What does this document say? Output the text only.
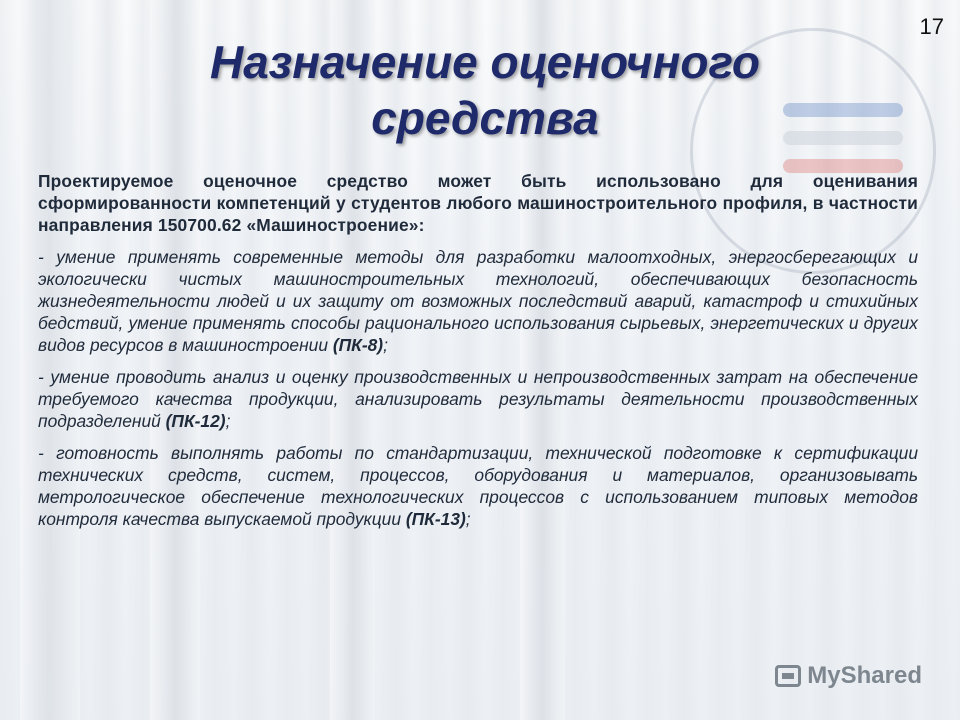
17
Назначение оценочного
средства

Проектируемое оценочное средство может быть использовано для оценивания сформированности компетенций у студентов любого машиностроительного профиля, в частности направления 150700.62 «Машиностроение»:

- умение применять современные методы для разработки малоотходных, энергосберегающих и экологически чистых машиностроительных технологий, обеспечивающих безопасность жизнедеятельности людей и их защиту от возможных последствий аварий, катастроф и стихийных бедствий, умение применять способы рационального использования сырьевых, энергетических и других видов ресурсов в машиностроении (ПК-8);

- умение проводить анализ и оценку производственных и непроизводственных затрат на обеспечение требуемого качества продукции, анализировать результаты деятельности производственных подразделений (ПК-12);

- готовность выполнять работы по стандартизации, технической подготовке к сертификации технических средств, систем, процессов, оборудования и материалов, организовывать метрологическое обеспечение технологических процессов с использованием типовых методов контроля качества выпускаемой продукции (ПК-13);

MyShared
